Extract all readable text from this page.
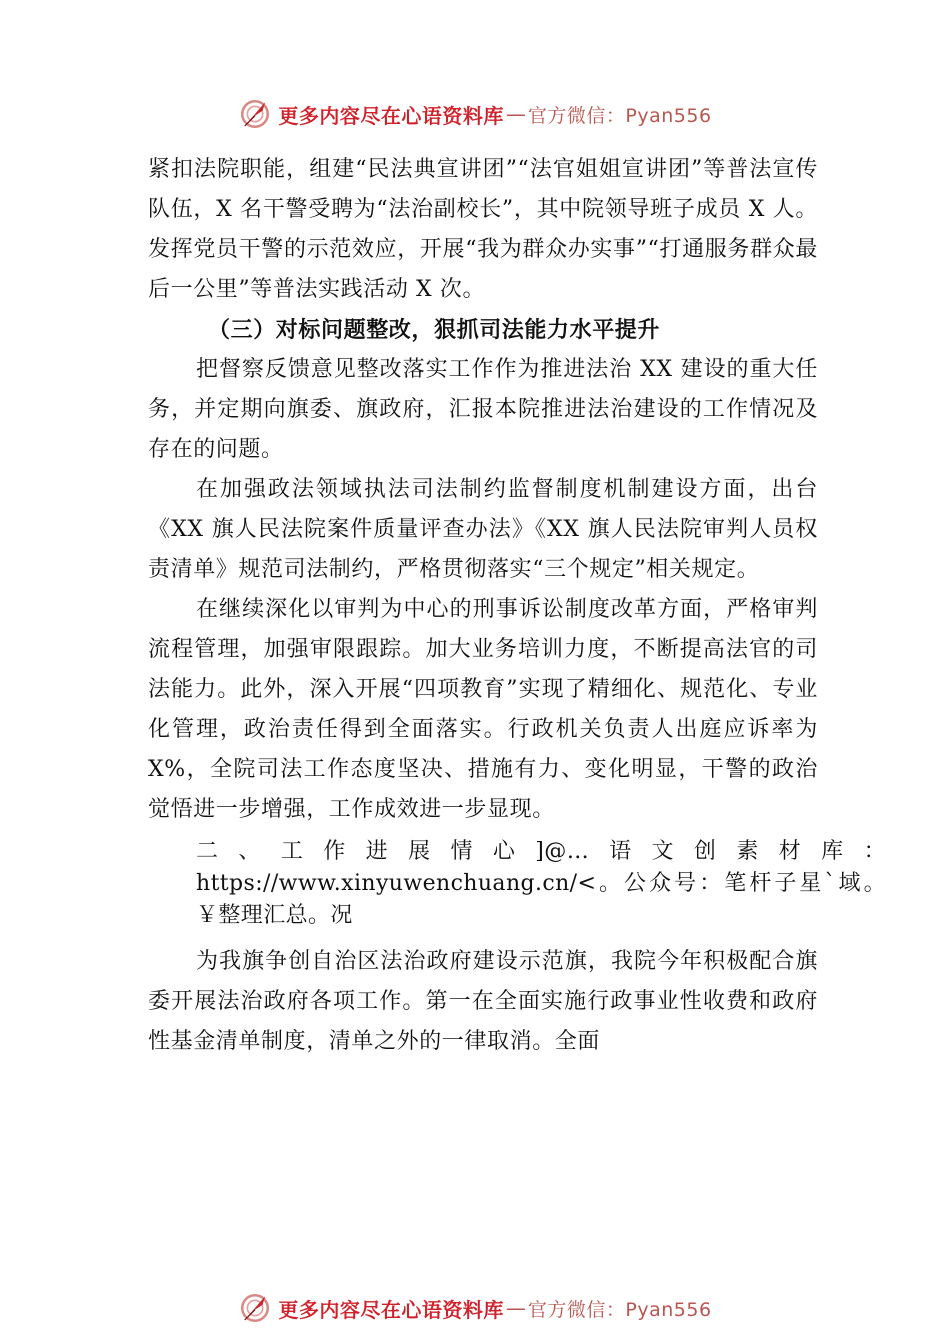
更多内容尽在心语资料库 — 官方微信：Pyan556

紧扣法院职能，组建“民法典宣讲团”“法官姐姐宣讲团”等普法宣传队伍，X 名干警受聘为“法治副校长”，其中院领导班子成员 X 人。发挥党员干警的示范效应，开展“我为群众办实事”“打通服务群众最后一公里”等普法实践活动 X 次。

（三）对标问题整改，狠抓司法能力水平提升

把督察反馈意见整改落实工作作为推进法治 XX 建设的重大任务，并定期向旗委、旗政府，汇报本院推进法治建设的工作情况及存在的问题。

在加强政法领域执法司法制约监督制度机制建设方面，出台《XX 旗人民法院案件质量评查办法》《XX 旗人民法院审判人员权责清单》规范司法制约，严格贯彻落实“三个规定”相关规定。

在继续深化以审判为中心的刑事诉讼制度改革方面，严格审判流程管理，加强审限跟踪。加大业务培训力度，不断提高法官的司法能力。此外，深入开展“四项教育”实现了精细化、规范化、专业化管理，政治责任得到全面落实。行政机关负责人出庭应诉率为 X%，全院司法工作态度坚决、措施有力、变化明显，干警的政治觉悟进一步增强，工作成效进一步显现。

二、工作进展情心]@…语文创素材库：https://www.xinyuwenchuang.cn/<。公众号：笔杆子星`域。￥整理汇总。况

为我旗争创自治区法治政府建设示范旗，我院今年积极配合旗委开展法治政府各项工作。第一在全面实施行政事业性收费和政府性基金清单制度，清单之外的一律取消。全面

更多内容尽在心语资料库 — 官方微信：Pyan556
